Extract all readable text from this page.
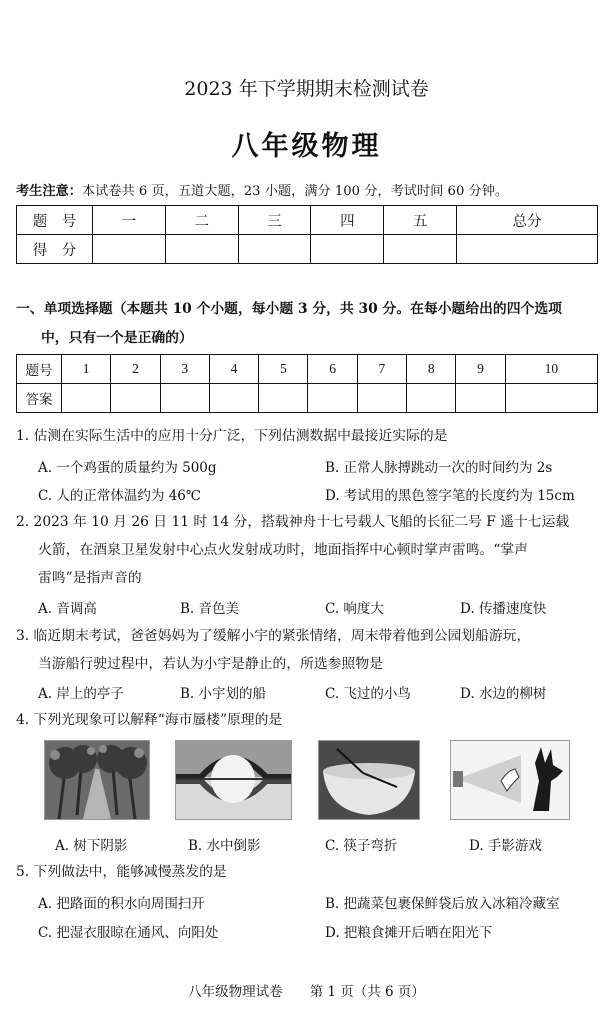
2023 年下学期期末检测试卷
八年级物理
考生注意：本试卷共 6 页，五道大题，23 小题，满分 100 分，考试时间 60 分钟。
题　号	一	二	三	四	五	总分
得　分						
一、单项选择题（本题共 10 个小题，每小题 3 分，共 30 分。在每小题给出的四个选项
中，只有一个是正确的）
题号	1	2	3	4	5	6	7	8	9	10
答案										
1. 估测在实际生活中的应用十分广泛，下列估测数据中最接近实际的是
A. 一个鸡蛋的质量约为 500g	B. 正常人脉搏跳动一次的时间约为 2s
C. 人的正常体温约为 46℃	D. 考试用的黑色签字笔的长度约为 15cm
2. 2023 年 10 月 26 日 11 时 14 分，搭载神舟十七号载人飞船的长征二号 F 遥十七运载
火箭，在酒泉卫星发射中心点火发射成功时，地面指挥中心顿时掌声雷鸣。“掌声
雷鸣”是指声音的
A. 音调高	B. 音色美	C. 响度大	D. 传播速度快
3. 临近期末考试，爸爸妈妈为了缓解小宇的紧张情绪，周末带着他到公园划船游玩，
当游船行驶过程中，若认为小宇是静止的，所选参照物是
A. 岸上的亭子	B. 小宇划的船	C. 飞过的小鸟	D. 水边的柳树
4. 下列光现象可以解释“海市蜃楼”原理的是
A. 树下阴影	B. 水中倒影	C. 筷子弯折	D. 手影游戏
5. 下列做法中，能够减慢蒸发的是
A. 把路面的积水向周围扫开	B. 把蔬菜包裹保鲜袋后放入冰箱冷藏室
C. 把湿衣服晾在通风、向阳处	D. 把粮食摊开后晒在阳光下
八年级物理试卷　　第 1 页（共 6 页）
